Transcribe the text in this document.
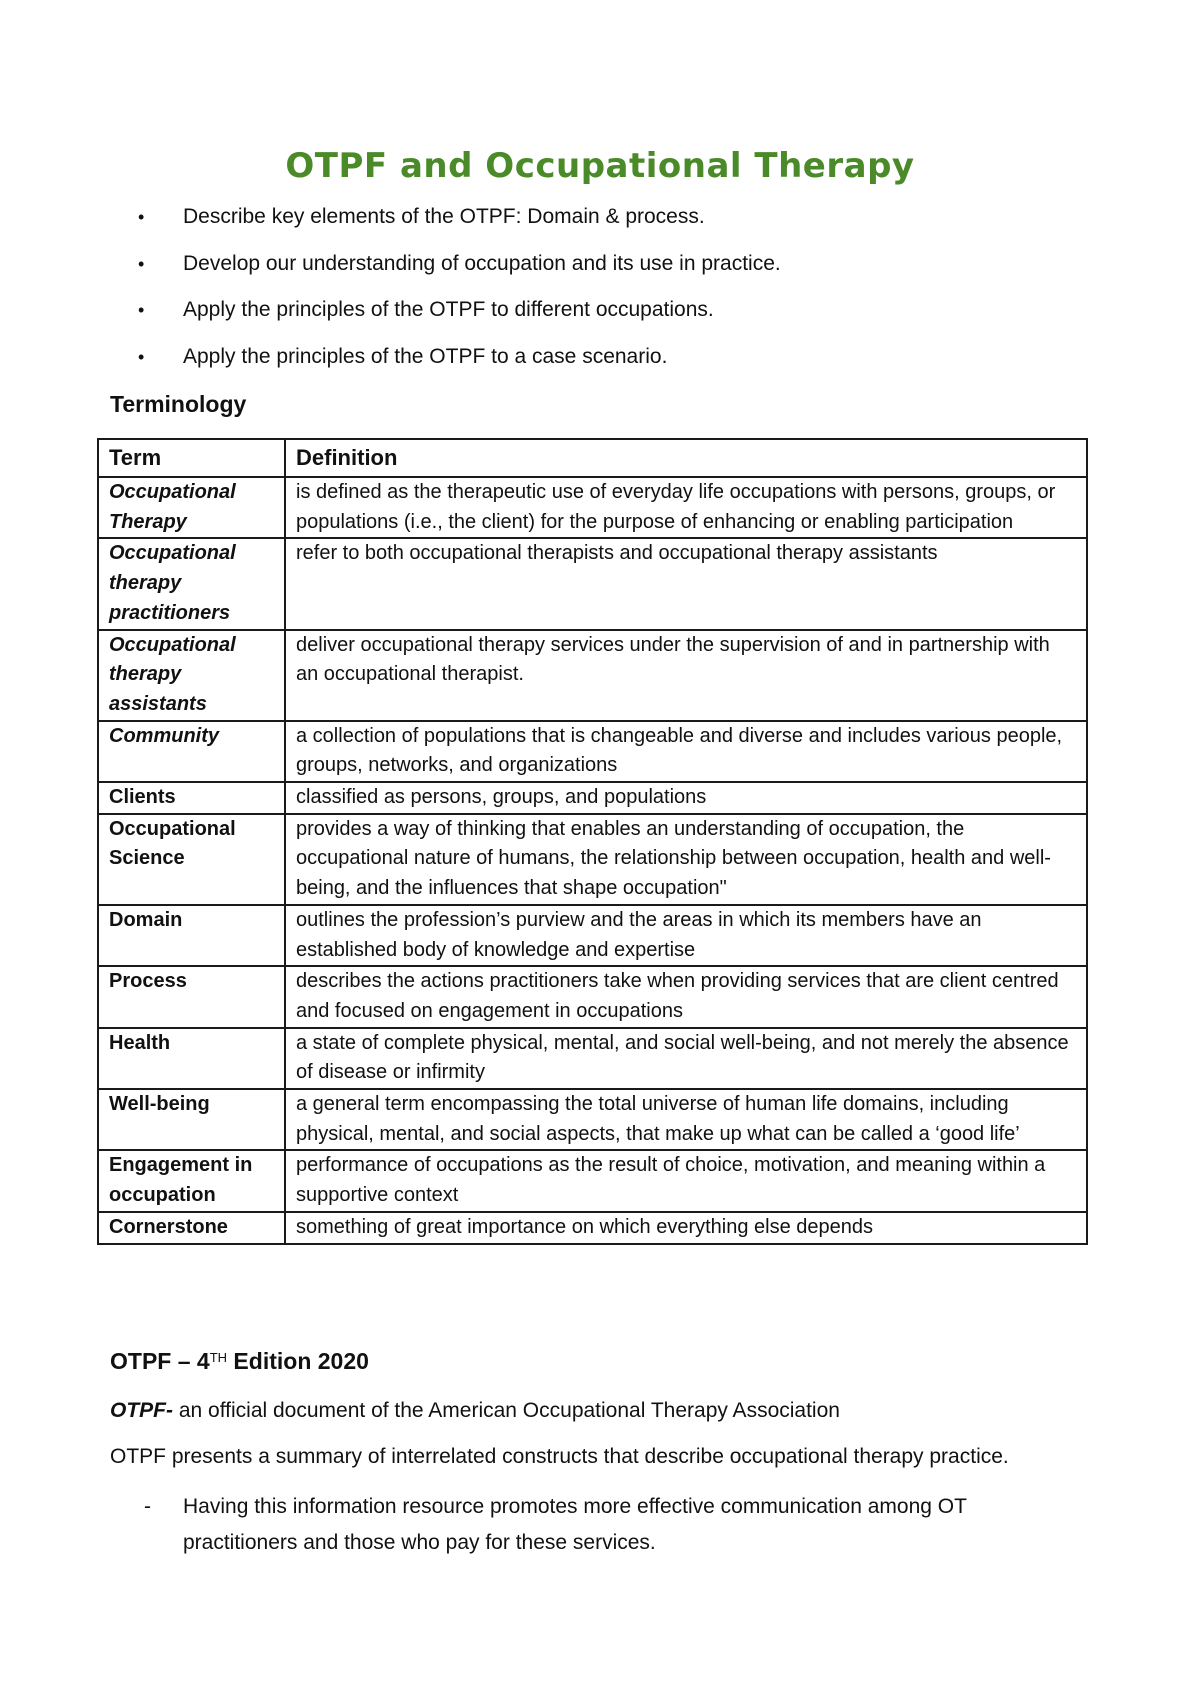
OTPF and Occupational Therapy
• Describe key elements of the OTPF: Domain & process.
• Develop our understanding of occupation and its use in practice.
• Apply the principles of the OTPF to different occupations.
• Apply the principles of the OTPF to a case scenario.
Terminology
Term	Definition
Occupational Therapy	is defined as the therapeutic use of everyday life occupations with persons, groups, or populations (i.e., the client) for the purpose of enhancing or enabling participation
Occupational therapy practitioners	refer to both occupational therapists and occupational therapy assistants
Occupational therapy assistants	deliver occupational therapy services under the supervision of and in partnership with an occupational therapist.
Community	a collection of populations that is changeable and diverse and includes various people, groups, networks, and organizations
Clients	classified as persons, groups, and populations
Occupational Science	provides a way of thinking that enables an understanding of occupation, the occupational nature of humans, the relationship between occupation, health and well-being, and the influences that shape occupation"
Domain	outlines the profession’s purview and the areas in which its members have an established body of knowledge and expertise
Process	describes the actions practitioners take when providing services that are client centred and focused on engagement in occupations
Health	a state of complete physical, mental, and social well-being, and not merely the absence of disease or infirmity
Well-being	a general term encompassing the total universe of human life domains, including physical, mental, and social aspects, that make up what can be called a ‘good life’
Engagement in occupation	performance of occupations as the result of choice, motivation, and meaning within a supportive context
Cornerstone	something of great importance on which everything else depends
OTPF – 4TH Edition 2020

OTPF- an official document of the American Occupational Therapy Association

OTPF presents a summary of interrelated constructs that describe occupational therapy practice.

- Having this information resource promotes more effective communication among OT practitioners and those who pay for these services.
